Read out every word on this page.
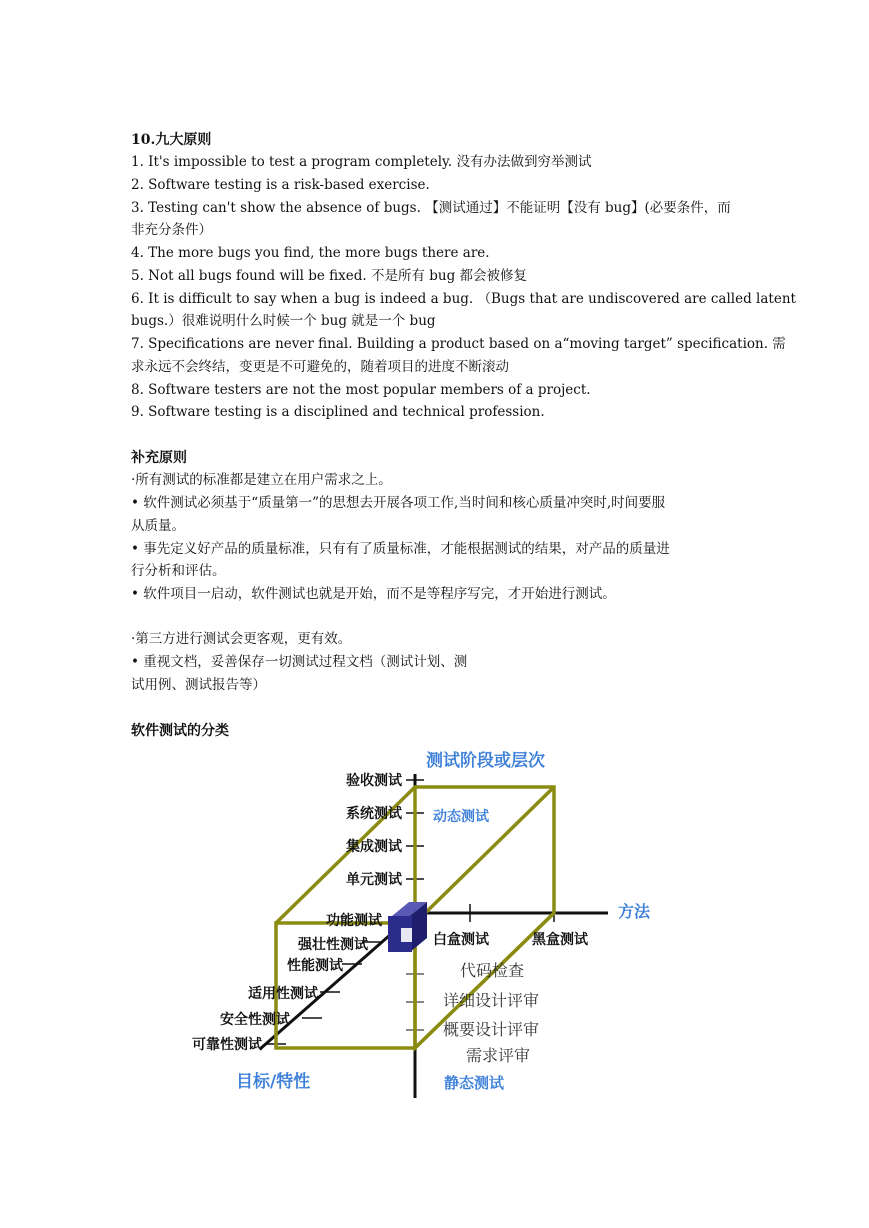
10.九大原则
1. It's impossible to test a program completely. 没有办法做到穷举测试
2. Software testing is a risk-based exercise.
3. Testing can't show the absence of bugs. 【测试通过】不能证明【没有 bug】(必要条件，而
非充分条件）
4. The more bugs you find, the more bugs there are.
5. Not all bugs found will be fixed. 不是所有 bug 都会被修复
6. It is difficult to say when a bug is indeed a bug. （Bugs that are undiscovered are called latent
bugs.）很难说明什么时候一个 bug 就是一个 bug
7. Specifications are never final. Building a product based on a“moving target” specification. 需
求永远不会终结，变更是不可避免的，随着项目的进度不断滚动
8. Software testers are not the most popular members of a project.
9. Software testing is a disciplined and technical profession.
补充原则
·所有测试的标准都是建立在用户需求之上。
• 软件测试必须基于“质量第一”的思想去开展各项工作,当时间和核心质量冲突时,时间要服
从质量。
• 事先定义好产品的质量标准，只有有了质量标准，才能根据测试的结果，对产品的质量进
行分析和评估。
• 软件项目一启动，软件测试也就是开始，而不是等程序写完，才开始进行测试。
·第三方进行测试会更客观，更有效。
• 重视文档，妥善保存一切测试过程文档（测试计划、测
试用例、测试报告等）
软件测试的分类
测试阶段或层次
方法
目标/特性
动态测试
静态测试
验收测试
系统测试
集成测试
单元测试
功能测试
强壮性测试
性能测试
适用性测试
安全性测试
可靠性测试
白盒测试	黑盒测试
代码检查
详细设计评审
概要设计评审
需求评审
